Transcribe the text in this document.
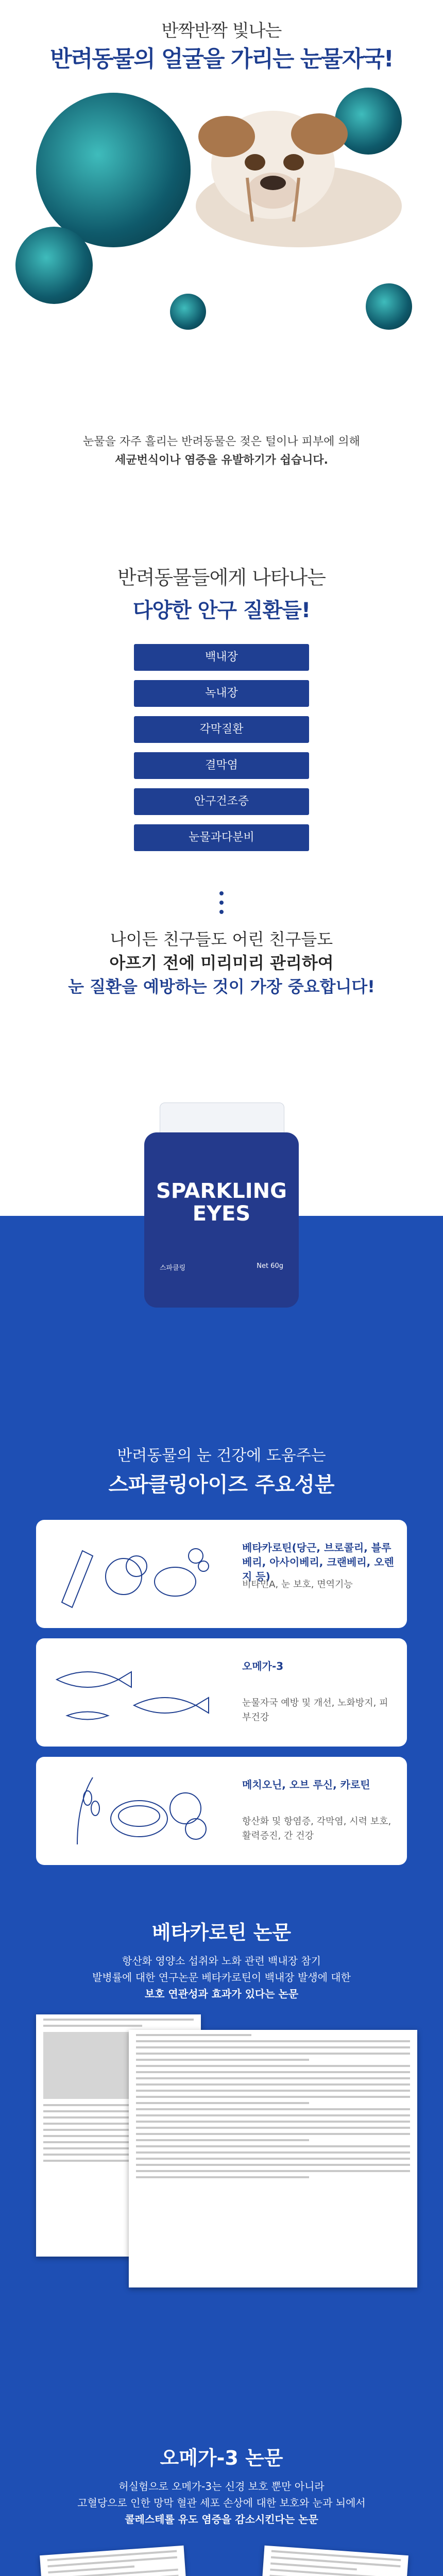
반짝반짝 빛나는
반려동물의 얼굴을 가리는 눈물자국!
눈물을 자주 흘리는 반려동물은 젖은 털이나 피부에 의해
세균번식이나 염증을 유발하기가 쉽습니다.
반려동물들에게 나타나는
다양한 안구 질환들!
백내장
녹내장
각막질환
결막염
안구건조증
눈물과다분비
나이든 친구들도 어린 친구들도
아프기 전에 미리미리 관리하여
눈 질환을 예방하는 것이 가장 중요합니다!
SPARKLING
EYES
스파클링	Net 60g
반려동물의 눈 건강에 도움주는
스파클링아이즈 주요성분
베타카로틴(당근, 브로콜리, 블루베리, 아사이베리, 크랜베리, 오렌지 등)
비타민A, 눈 보호, 면역기능
오메가-3
눈물자국 예방 및 개선, 노화방지, 피부건강
메치오닌, 오브 루신, 카로틴
항산화 및 항염증, 각막염, 시력 보호, 활력증진, 간 건강
베타카로틴 논문
항산화 영양소 섭취와 노화 관련 백내장 참기
발병률에 대한 연구논문 베타카로틴이 백내장 발생에 대한
보호 연관성과 효과가 있다는 논문
오메가-3 논문
허실험으로 오메가-3는 신경 보호 뿐만 아니라
고혈당으로 인한 망막 혈관 세포 손상에 대한 보호와 눈과 뇌에서
콜레스테롤 유도 염증을 감소시킨다는 논문
